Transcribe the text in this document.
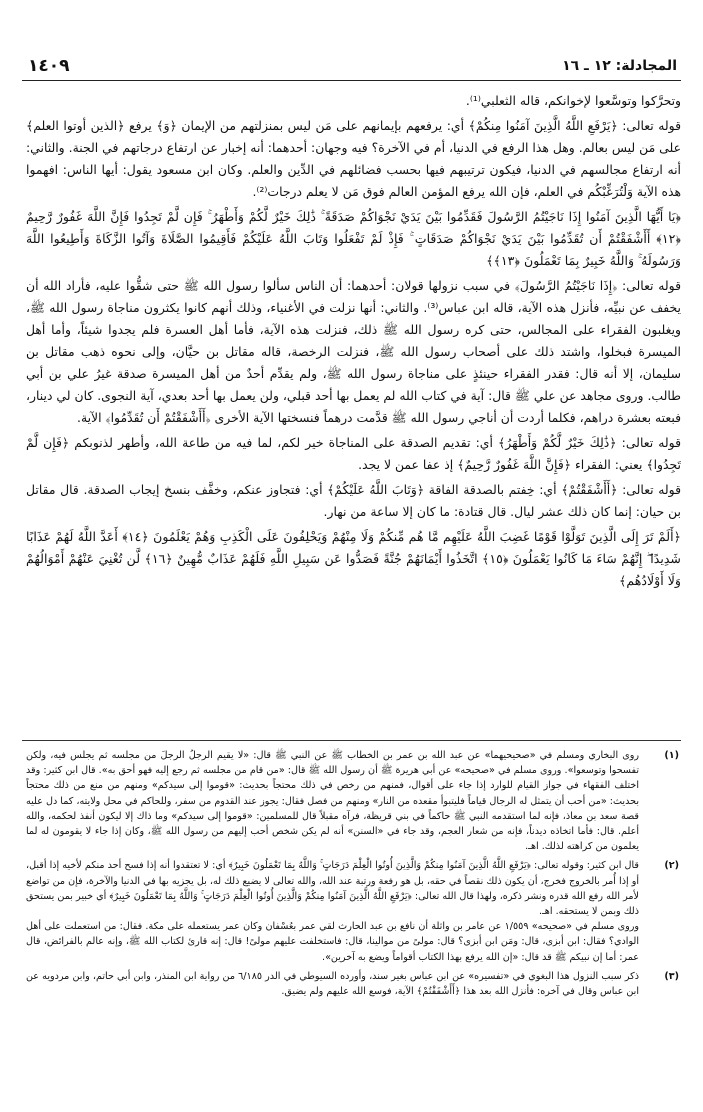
المجادلة: ١٢ ـ ١٦
١٤٠٩

وتحرَّكوا وتوسَّعوا لإخوانكم، قاله الثعلبي⁽¹⁾.

قوله تعالى: ﴿يَرْفَعِ اللَّهُ الَّذِينَ آمَنُوا مِنكُمْ﴾ أي: يرفعهم بإيمانهم على مَن ليس بمنزلتهم من الإيمان ﴿وَ﴾ يرفع ﴿الذين أوتوا العلم﴾ على مَن ليس بعالم. وهل هذا الرفع في الدنيا، أم في الآخرة؟ فيه وجهان: أحدهما: أنه إخبار عن ارتفاع درجاتهم في الجنة. والثاني: أنه ارتفاع مجالسهم في الدنيا، فيكون ترتيبهم فيها بحسب فضائلهم في الدِّين والعلم. وكان ابن مسعود يقول: أيها الناس: افهموا هذه الآية وَلْتُرَغِّبْكُم في العلم، فإن الله يرفع المؤمن العالم فوق مَن لا يعلم درجات⁽²⁾.

﴿يَا أَيُّهَا الَّذِينَ آمَنُوا إِذَا نَاجَيْتُمُ الرَّسُولَ فَقَدِّمُوا بَيْنَ يَدَيْ نَجْوَاكُمْ صَدَقَةً ۚ ذَٰلِكَ خَيْرٌ لَّكُمْ وَأَطْهَرُ ۚ فَإِن لَّمْ تَجِدُوا فَإِنَّ اللَّهَ غَفُورٌ رَّحِيمٌ ﴿١٢﴾ أَأَشْفَقْتُمْ أَن تُقَدِّمُوا بَيْنَ يَدَيْ نَجْوَاكُمْ صَدَقَاتٍ ۚ فَإِذْ لَمْ تَفْعَلُوا وَتَابَ اللَّهُ عَلَيْكُمْ فَأَقِيمُوا الصَّلَاةَ وَآتُوا الزَّكَاةَ وَأَطِيعُوا اللَّهَ وَرَسُولَهُ ۚ وَاللَّهُ خَبِيرٌ بِمَا تَعْمَلُونَ ﴿١٣﴾﴾

قوله تعالى: ﴿إِذَا نَاجَيْتُمُ الرَّسُولَ﴾ في سبب نزولها قولان: أحدهما: أن الناس سألوا رسول الله ﷺ حتى شقُّوا عليه، فأراد الله أن يخفف عن نبيِّه، فأنزل هذه الآية، قاله ابن عباس⁽³⁾. والثاني: أنها نزلت في الأغنياء، وذلك أنهم كانوا يكثرون مناجاة رسول الله ﷺ، ويغلبون الفقراء على المجالس، حتى كره رسول الله ﷺ ذلك، فنزلت هذه الآية، فأما أهل العسرة فلم يجدوا شيئاً، وأما أهل الميسرة فبخلوا، واشتد ذلك على أصحاب رسول الله ﷺ، فنزلت الرخصة، قاله مقاتل بن حيَّان، وإلى نحوه ذهب مقاتل بن سليمان، إلا أنه قال: فقدر الفقراء حينئذٍ على مناجاة رسول الله ﷺ، ولم يقدِّم أحدٌ من أهل الميسرة صدقة غيرُ علي بن أبي طالب. وروى مجاهد عن علي ﷺ قال: آية في كتاب الله لم يعمل بها أحد قبلي، ولن يعمل بها أحد بعدي، آية النجوى. كان لي دينار، فبعته بعشرة دراهم، فكلما أردت أن أناجي رسول الله ﷺ قدَّمت درهماً فنسختها الآية الأخرى ﴿أَأَشْفَقْتُمْ أَن تُقَدِّمُوا﴾ الآية.

قوله تعالى: ﴿ذَٰلِكَ خَيْرٌ لَّكُمْ وَأَطْهَرُ﴾ أي: تقديم الصدقة على المناجاة خير لكم، لما فيه من طاعة الله، وأطهر لذنوبكم ﴿فَإِن لَّمْ تَجِدُوا﴾ يعني: الفقراء ﴿فَإِنَّ اللَّهَ غَفُورٌ رَّحِيمٌ﴾ إذ عفا عمن لا يجد.

قوله تعالى: ﴿أَأَشْفَقْتُمْ﴾ أي: خِفتم بالصدقة الفاقة ﴿وَتَابَ اللَّهُ عَلَيْكُمْ﴾ أي: فتجاوز عنكم، وخفَّف بنسخ إيجاب الصدقة. قال مقاتل بن حيان: إنما كان ذلك عشر ليال. قال قتادة: ما كان إلا ساعة من نهار.

﴿أَلَمْ تَرَ إِلَى الَّذِينَ تَوَلَّوْا قَوْمًا غَضِبَ اللَّهُ عَلَيْهِم مَّا هُم مِّنكُمْ وَلَا مِنْهُمْ وَيَحْلِفُونَ عَلَى الْكَذِبِ وَهُمْ يَعْلَمُونَ ﴿١٤﴾ أَعَدَّ اللَّهُ لَهُمْ عَذَابًا شَدِيدًا ۖ إِنَّهُمْ سَاءَ مَا كَانُوا يَعْمَلُونَ ﴿١٥﴾ اتَّخَذُوا أَيْمَانَهُمْ جُنَّةً فَصَدُّوا عَن سَبِيلِ اللَّهِ فَلَهُمْ عَذَابٌ مُّهِينٌ ﴿١٦﴾ لَّن تُغْنِيَ عَنْهُمْ أَمْوَالُهُمْ وَلَا أَوْلَادُهُم﴾

(١)

روى البخاري ومسلم في «صحيحيهما» عن عبد الله بن عمر بن الخطاب ﷺ عن النبي ﷺ قال: «لا يقيم الرجلُ الرجلَ من مجلسه ثم يجلس فيه، ولكن تفسحوا وتوسعوا». وروى مسلم في «صحيحه» عن أبي هريرة ﷺ أن رسول الله ﷺ قال: «من قام من مجلسه ثم رجع إليه فهو أحق به». قال ابن كثير: وقد اختلف الفقهاء في جواز القيام للوارد إذا جاء على أقوال، فمنهم من رخص في ذلك محتجاً بحديث: «قوموا إلى سيدكم» ومنهم من منع من ذلك محتجاً بحديث: «من أحب أن يتمثل له الرجال قياماً فليتبوأ مقعده من النار» ومنهم من فصل فقال: يجوز عند القدوم من سفر، وللحاكم في محل ولايته، كما دل عليه قصة سعد بن معاذ، فإنه لما استقدمه النبي ﷺ حاكماً في بني قريظة، فرآه مقبلاً قال للمسلمين: «قوموا إلى سيدكم» وما ذاك إلا ليكون أنفذ لحكمه، والله أعلم. قال: فأما اتخاذه ديدناً، فإنه من شعار العجم، وقد جاء في «السنن» أنه لم يكن شخص أحب إليهم من رسول الله ﷺ، وكان إذا جاء لا يقومون له لما يعلمون من كراهته لذلك. اهـ.

(٢)

قال ابن كثير: وقوله تعالى: ﴿يَرْفَعِ اللَّهُ الَّذِينَ آمَنُوا مِنكُمْ وَالَّذِينَ أُوتُوا الْعِلْمَ دَرَجَاتٍ ۚ وَاللَّهُ بِمَا تَعْمَلُونَ خَبِيرٌ﴾ أي: لا تعتقدوا أنه إذا فسح أحد منكم لأخيه إذا أقبل، أو إذا أُمر بالخروج فخرج، أن يكون ذلك نقصاً في حقه، بل هو رفعة ورتبة عند الله، والله تعالى لا يضيع ذلك له، بل يجزيه بها في الدنيا والآخرة، فإن من تواضع لأمر الله رفع الله قدره ونشر ذكره، ولهذا قال الله تعالى: ﴿يَرْفَعِ اللَّهُ الَّذِينَ آمَنُوا مِنكُمْ وَالَّذِينَ أُوتُوا الْعِلْمَ دَرَجَاتٍ ۚ وَاللَّهُ بِمَا تَعْمَلُونَ خَبِيرٌ﴾ أي خبير بمن يستحق ذلك وبمن لا يستحقه. اهـ.

وروى مسلم في «صحيحه» ١/٥٥٩ عن عامر بن واثلة أن نافع بن عبد الحارث لقي عمر بعُسْفان وكان عمر يستعمله على مكة. فقال: من استعملت على أهل الوادي؟ فقال: ابن أبزى، قال: ومَن ابن أبزى؟ قال: مولىً من موالينا، قال: فاستخلفت عليهم مولىً! قال: إنه قارئ لكتاب الله ﷺ، وإنه عالم بالفرائض، قال عمر: أما إن نبيكم ﷺ قد قال: «إن الله يرفع بهذا الكتاب أقواماً ويضع به آخرين».

(٣)

ذكر سبب النزول هذا البغوي في «تفسيره» عن ابن عباس بغير سند، وأورده السيوطي في الدر ٦/١٨٥ من رواية ابن المنذر، وابن أبي حاتم، وابن مردويه عن ابن عباس وقال في آخره: فأنزل الله بعد هذا ﴿أَأَشْفَقْتُمْ﴾ الآية، فوسع الله عليهم ولم يضيق.
